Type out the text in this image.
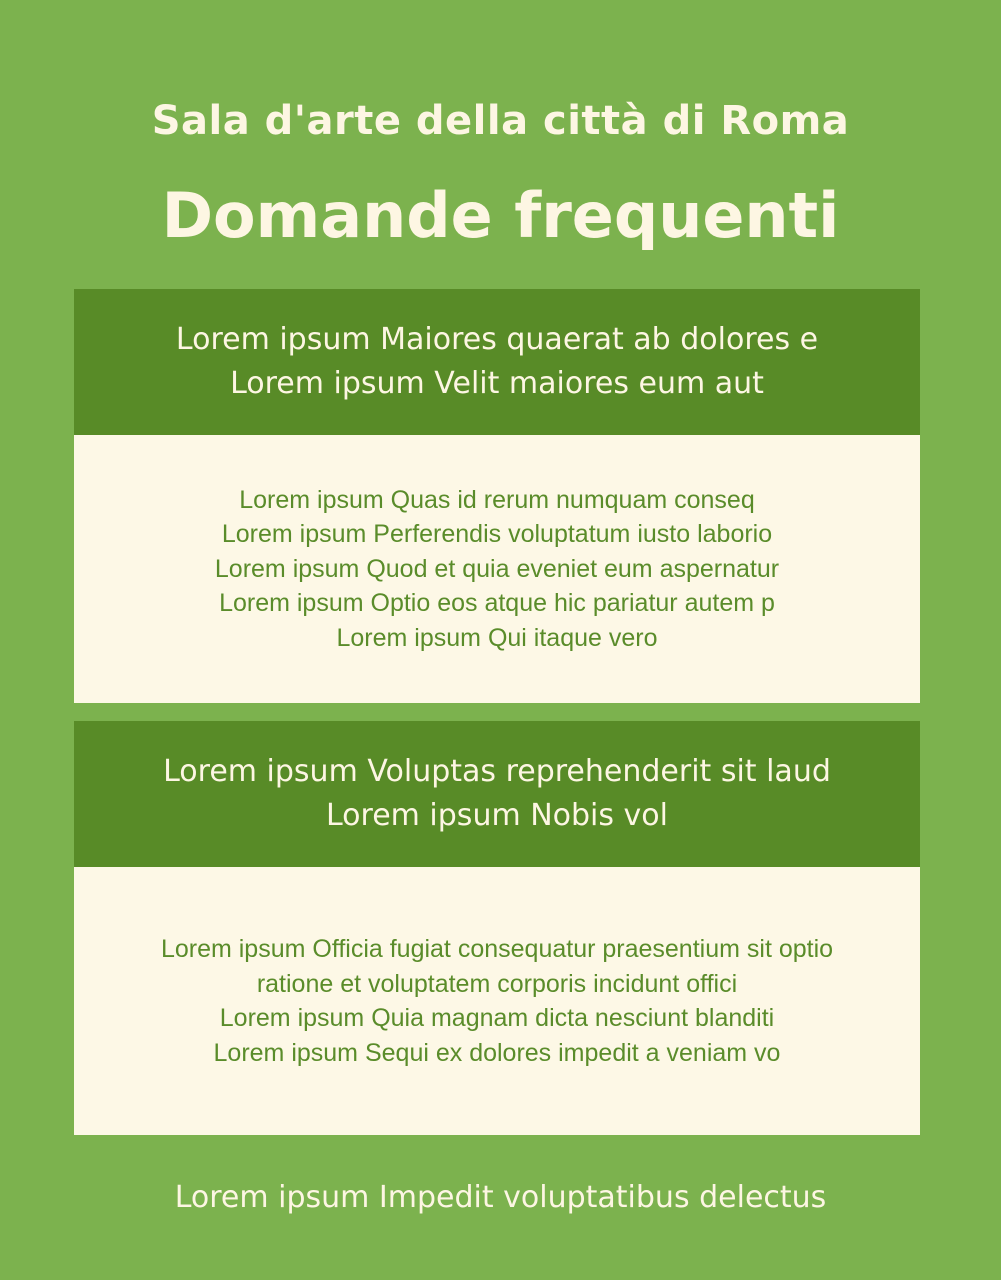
Sala d'arte della città di Roma
Domande frequenti
Lorem ipsum Maiores quaerat ab dolores e
Lorem ipsum Velit maiores eum aut
Lorem ipsum Quas id rerum numquam conseq
Lorem ipsum Perferendis voluptatum iusto laborio
Lorem ipsum Quod et quia eveniet eum aspernatur
Lorem ipsum Optio eos atque hic pariatur autem p
Lorem ipsum Qui itaque vero
Lorem ipsum Voluptas reprehenderit sit laud
Lorem ipsum Nobis vol
Lorem ipsum Officia fugiat consequatur praesentium sit optio
ratione et voluptatem corporis incidunt offici
Lorem ipsum Quia magnam dicta nesciunt blanditi
Lorem ipsum Sequi ex dolores impedit a veniam vo
Lorem ipsum Impedit voluptatibus delectus
